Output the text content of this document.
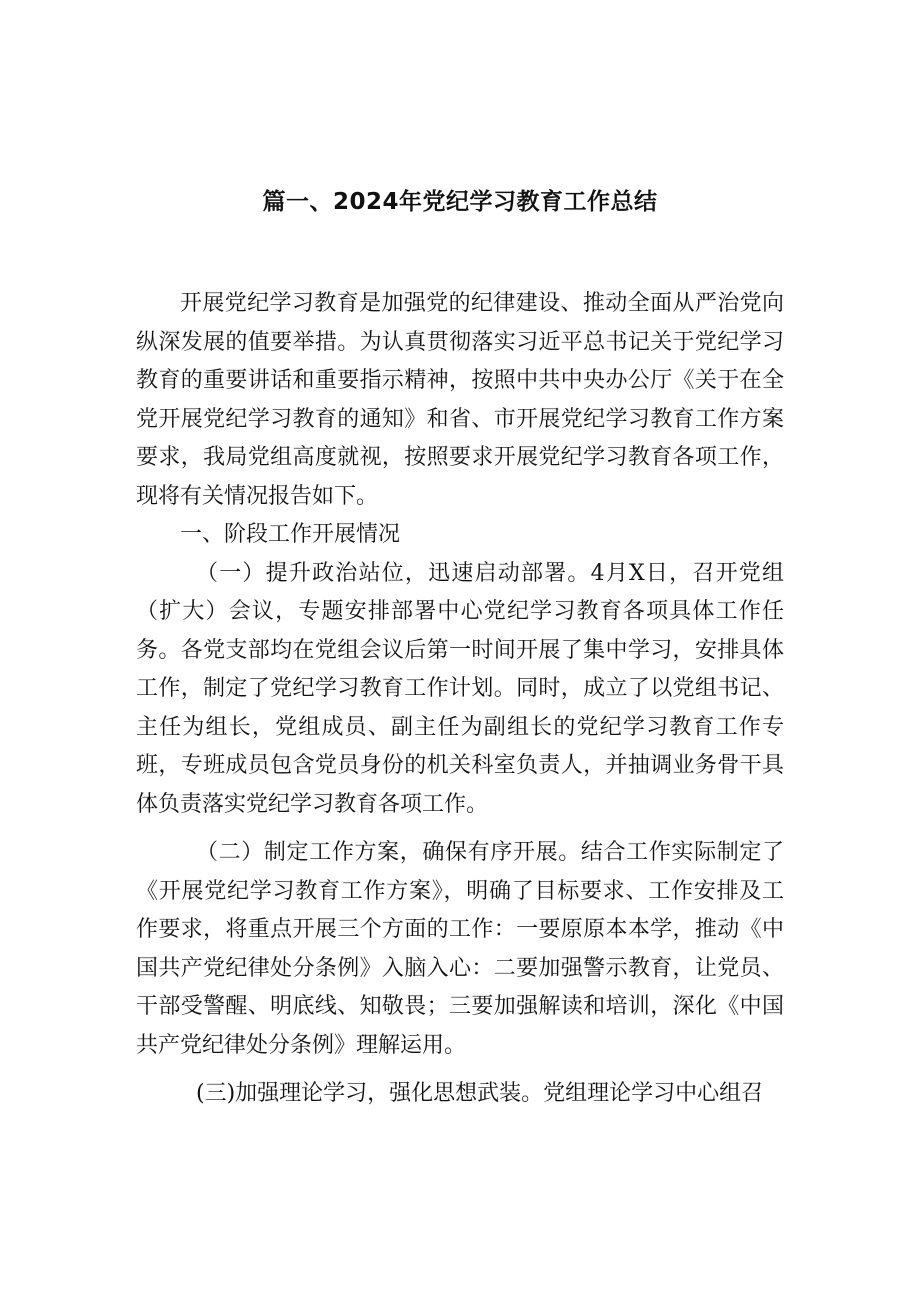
篇一、2024年党纪学习教育工作总结

开展党纪学习教育是加强党的纪律建设、推动全面从严治党向纵深发展的值要举措。为认真贯彻落实习近平总书记关于党纪学习教育的重要讲话和重要指示精神，按照中共中央办公厅《关于在全党开展党纪学习教育的通知》和省、市开展党纪学习教育工作方案要求，我局党组高度就视，按照要求开展党纪学习教育各项工作，现将有关情况报告如下。

一、阶段工作开展情况

（一）提升政治站位，迅速启动部署。4月X日，召开党组（扩大）会议，专题安排部署中心党纪学习教育各项具体工作任务。各党支部均在党组会议后第一时间开展了集中学习，安排具体工作，制定了党纪学习教育工作计划。同时，成立了以党组书记、主任为组长，党组成员、副主任为副组长的党纪学习教育工作专班，专班成员包含党员身份的机关科室负责人，并抽调业务骨干具体负责落实党纪学习教育各项工作。

（二）制定工作方案，确保有序开展。结合工作实际制定了《开展党纪学习教育工作方案》，明确了目标要求、工作安排及工作要求，将重点开展三个方面的工作：一要原原本本学，推动《中国共产党纪律处分条例》入脑入心：二要加强警示教育，让党员、干部受警醒、明底线、知敬畏；三要加强解读和培训，深化《中国共产党纪律处分条例》理解运用。

(三)加强理论学习，强化思想武装。党组理论学习中心组召
